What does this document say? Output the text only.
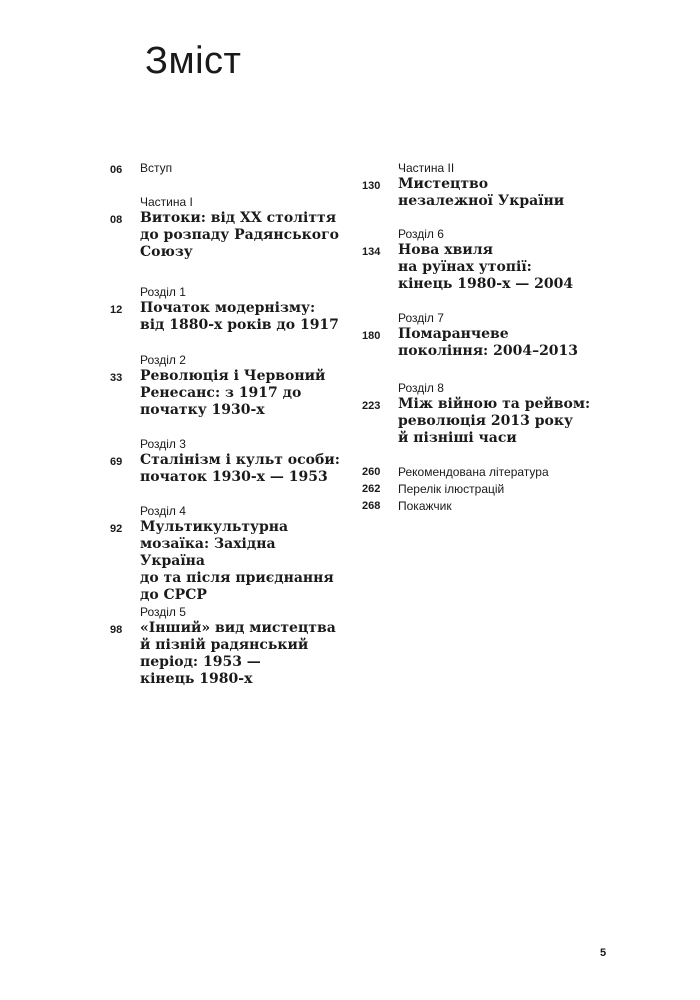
Зміст
06 Вступ
Частина I
08 Витоки: від XX століття
до розпаду Радянського
Союзу
Розділ 1
12 Початок модернізму:
від 1880-х років до 1917
Розділ 2
33 Революція і Червоний
Ренесанс: з 1917 до
початку 1930-х
Розділ 3
69 Сталінізм і культ особи:
початок 1930-х — 1953
Розділ 4
92 Мультикультурна
мозаїка: Західна Україна
до та після приєднання
до СРСР
Розділ 5
98 «Інший» вид мистецтва
й пізній радянський
період: 1953 —
кінець 1980-х
Частина II
130 Мистецтво
незалежної України
Розділ 6
134 Нова хвиля
на руїнах утопії:
кінець 1980-х — 2004
Розділ 7
180 Помаранчеве
покоління: 2004–2013
Розділ 8
223 Між війною та рейвом:
революція 2013 року
й пізніші часи
260 Рекомендована література
262 Перелік ілюстрацій
268 Покажчик
5
